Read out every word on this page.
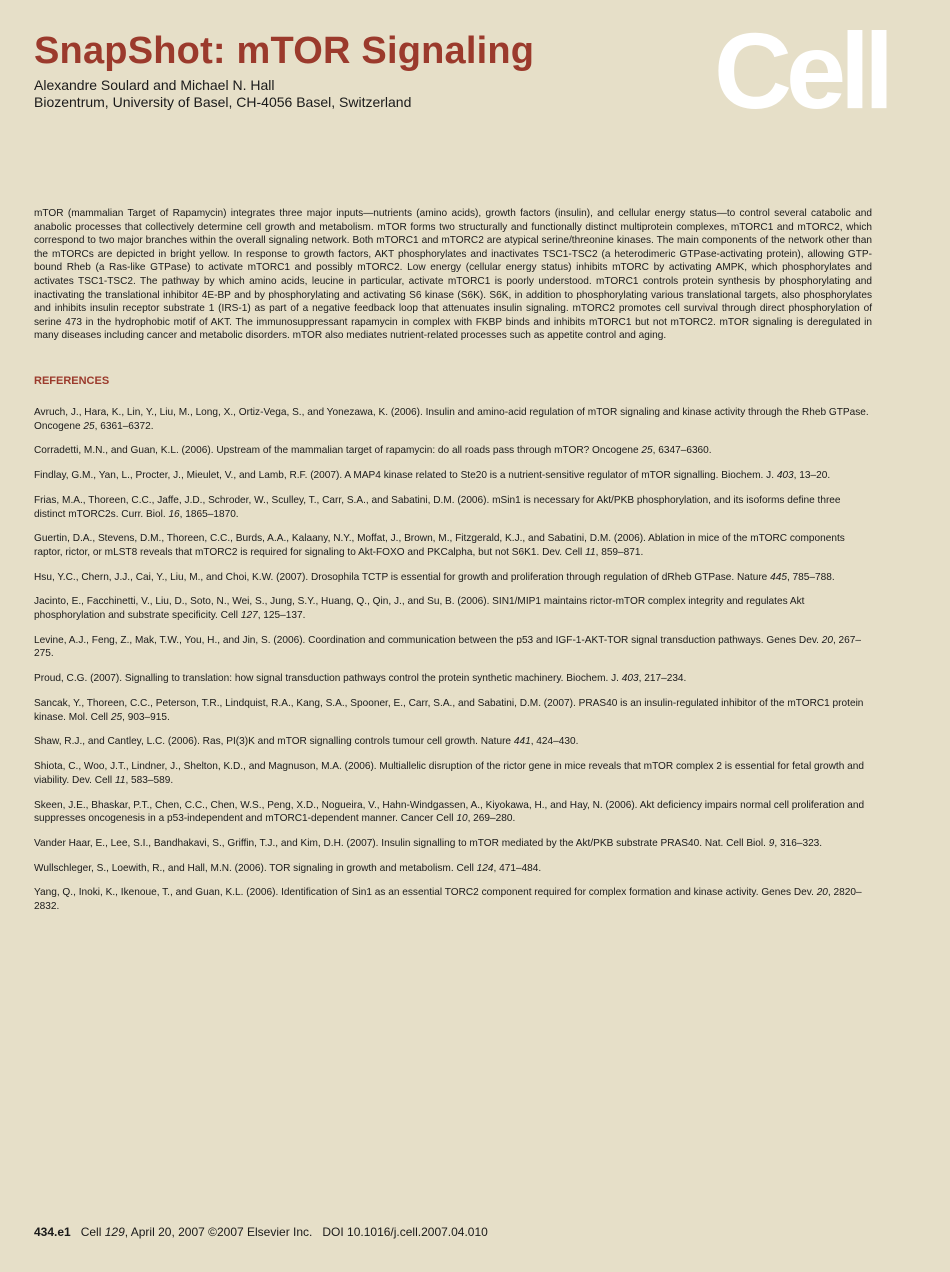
SnapShot: mTOR Signaling
Alexandre Soulard and Michael N. Hall
Biozentrum, University of Basel, CH-4056 Basel, Switzerland	Cell

mTOR (mammalian Target of Rapamycin) integrates three major inputs—nutrients (amino acids), growth factors (insulin), and cellular energy status—to control several catabolic and anabolic processes that collectively determine cell growth and metabolism. mTOR forms two structurally and functionally distinct multiprotein complexes, mTORC1 and mTORC2, which correspond to two major branches within the overall signaling network. Both mTORC1 and mTORC2 are atypical serine/threonine kinases. The main components of the network other than the mTORCs are depicted in bright yellow. In response to growth factors, AKT phosphorylates and inactivates TSC1-TSC2 (a heterodimeric GTPase-activating protein), allowing GTP-bound Rheb (a Ras-like GTPase) to activate mTORC1 and possibly mTORC2. Low energy (cellular energy status) inhibits mTORC by activating AMPK, which phosphorylates and activates TSC1-TSC2. The pathway by which amino acids, leucine in particular, activate mTORC1 is poorly understood. mTORC1 controls protein synthesis by phosphorylating and inactivating the translational inhibitor 4E-BP and by phosphorylating and activating S6 kinase (S6K). S6K, in addition to phosphorylating various translational targets, also phosphorylates and inhibits insulin receptor substrate 1 (IRS-1) as part of a negative feedback loop that attenuates insulin signaling. mTORC2 promotes cell survival through direct phosphorylation of serine 473 in the hydrophobic motif of AKT. The immunosuppressant rapamycin in complex with FKBP binds and inhibits mTORC1 but not mTORC2. mTOR signaling is deregulated in many diseases including cancer and metabolic disorders. mTOR also mediates nutrient-related processes such as appetite control and aging.

REFERENCES
Avruch, J., Hara, K., Lin, Y., Liu, M., Long, X., Ortiz-Vega, S., and Yonezawa, K. (2006). Insulin and amino-acid regulation of mTOR signaling and kinase activity through the Rheb GTPase. Oncogene 25, 6361–6372.
Corradetti, M.N., and Guan, K.L. (2006). Upstream of the mammalian target of rapamycin: do all roads pass through mTOR? Oncogene 25, 6347–6360.
Findlay, G.M., Yan, L., Procter, J., Mieulet, V., and Lamb, R.F. (2007). A MAP4 kinase related to Ste20 is a nutrient-sensitive regulator of mTOR signalling. Biochem. J. 403, 13–20.
Frias, M.A., Thoreen, C.C., Jaffe, J.D., Schroder, W., Sculley, T., Carr, S.A., and Sabatini, D.M. (2006). mSin1 is necessary for Akt/PKB phosphorylation, and its isoforms define three distinct mTORC2s. Curr. Biol. 16, 1865–1870.
Guertin, D.A., Stevens, D.M., Thoreen, C.C., Burds, A.A., Kalaany, N.Y., Moffat, J., Brown, M., Fitzgerald, K.J., and Sabatini, D.M. (2006). Ablation in mice of the mTORC components raptor, rictor, or mLST8 reveals that mTORC2 is required for signaling to Akt-FOXO and PKCalpha, but not S6K1. Dev. Cell 11, 859–871.
Hsu, Y.C., Chern, J.J., Cai, Y., Liu, M., and Choi, K.W. (2007). Drosophila TCTP is essential for growth and proliferation through regulation of dRheb GTPase. Nature 445, 785–788.
Jacinto, E., Facchinetti, V., Liu, D., Soto, N., Wei, S., Jung, S.Y., Huang, Q., Qin, J., and Su, B. (2006). SIN1/MIP1 maintains rictor-mTOR complex integrity and regulates Akt phosphorylation and substrate specificity. Cell 127, 125–137.
Levine, A.J., Feng, Z., Mak, T.W., You, H., and Jin, S. (2006). Coordination and communication between the p53 and IGF-1-AKT-TOR signal transduction pathways. Genes Dev. 20, 267–275.
Proud, C.G. (2007). Signalling to translation: how signal transduction pathways control the protein synthetic machinery. Biochem. J. 403, 217–234.
Sancak, Y., Thoreen, C.C., Peterson, T.R., Lindquist, R.A., Kang, S.A., Spooner, E., Carr, S.A., and Sabatini, D.M. (2007). PRAS40 is an insulin-regulated inhibitor of the mTORC1 protein kinase. Mol. Cell 25, 903–915.
Shaw, R.J., and Cantley, L.C. (2006). Ras, PI(3)K and mTOR signalling controls tumour cell growth. Nature 441, 424–430.
Shiota, C., Woo, J.T., Lindner, J., Shelton, K.D., and Magnuson, M.A. (2006). Multiallelic disruption of the rictor gene in mice reveals that mTOR complex 2 is essential for fetal growth and viability. Dev. Cell 11, 583–589.
Skeen, J.E., Bhaskar, P.T., Chen, C.C., Chen, W.S., Peng, X.D., Nogueira, V., Hahn-Windgassen, A., Kiyokawa, H., and Hay, N. (2006). Akt deficiency impairs normal cell proliferation and suppresses oncogenesis in a p53-independent and mTORC1-dependent manner. Cancer Cell 10, 269–280.
Vander Haar, E., Lee, S.I., Bandhakavi, S., Griffin, T.J., and Kim, D.H. (2007). Insulin signalling to mTOR mediated by the Akt/PKB substrate PRAS40. Nat. Cell Biol. 9, 316–323.
Wullschleger, S., Loewith, R., and Hall, M.N. (2006). TOR signaling in growth and metabolism. Cell 124, 471–484.
Yang, Q., Inoki, K., Ikenoue, T., and Guan, K.L. (2006). Identification of Sin1 as an essential TORC2 component required for complex formation and kinase activity. Genes Dev. 20, 2820–2832.
434.e1 Cell 129, April 20, 2007 ©2007 Elsevier Inc. DOI 10.1016/j.cell.2007.04.010
